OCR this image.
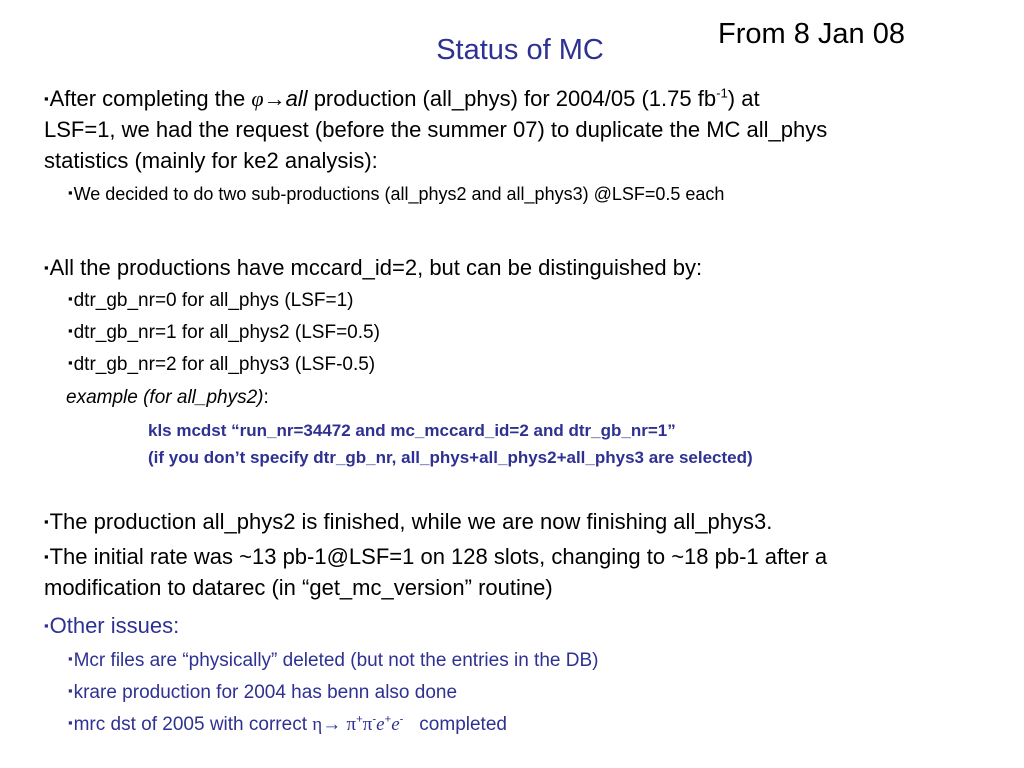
From 8 Jan 08
Status of MC
▪After completing the φ→all production (all_phys) for 2004/05 (1.75 $fb^{-1}$) at
LSF=1, we had the request (before the summer 07) to duplicate the MC all_phys
statistics (mainly for ke2 analysis):
▪We decided to do two sub-productions (all_phys2 and all_phys3) @LSF=0.5 each
▪All the productions have mccard_id=2, but can be distinguished by:
▪dtr_gb_nr=0 for all_phys (LSF=1)
▪dtr_gb_nr=1 for all_phys2 (LSF=0.5)
▪dtr_gb_nr=2 for all_phys3 (LSF-0.5)
example (for all_phys2):
kls mcdst “run_nr=34472 and mc_mccard_id=2 and dtr_gb_nr=1”
(if you don’t specify dtr_gb_nr, all_phys+all_phys2+all_phys3 are selected)
▪The production all_phys2 is finished, while we are now finishing all_phys3.
▪The initial rate was ~13 pb-1@LSF=1 on 128 slots, changing to ~18 pb-1 after a
modification to datarec (in “get_mc_version” routine)
▪Other issues:
▪Mcr files are “physically” deleted (but not the entries in the DB)
▪krare production for 2004 has benn also done
▪mrc dst of 2005 with correct η→ π+π-e+e- completed
